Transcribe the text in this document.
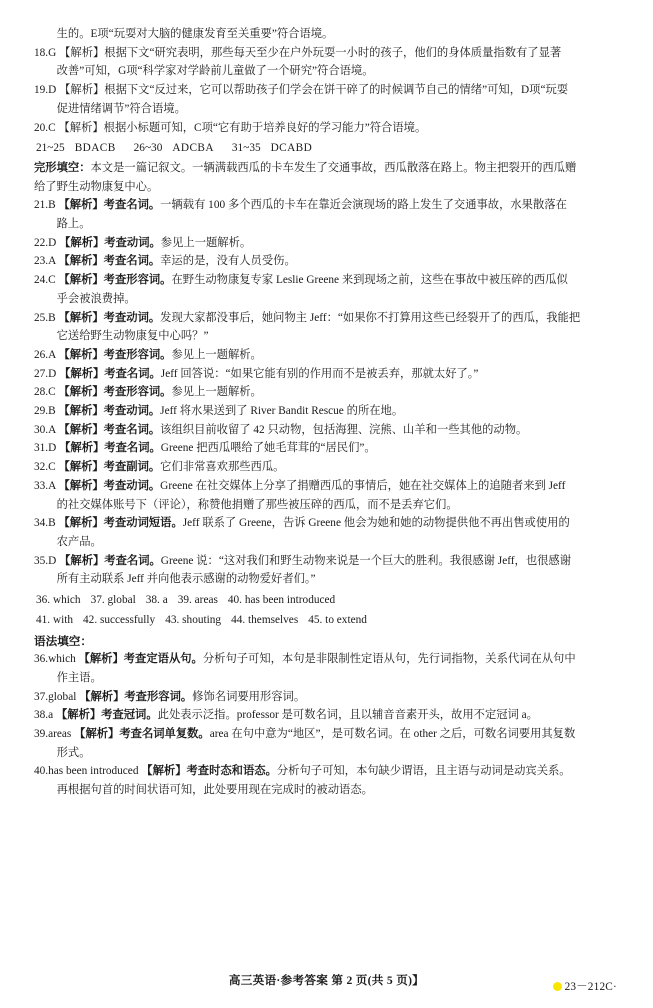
生的。E项“玩耍对大脑的健康发育至关重要”符合语境。

18.G 【解析】根据下文“研究表明，那些每天至少在户外玩耍一小时的孩子，他们的身体质量指数有了显著

改善”可知，G项“科学家对学龄前儿童做了一个研究”符合语境。

19.D 【解析】根据下文“反过来，它可以帮助孩子们学会在饼干碎了的时候调节自己的情绪”可知，D项“玩耍

促进情绪调节”符合语境。

20.C 【解析】根据小标题可知，C项“它有助于培养良好的学习能力”符合语境。

21~25 BDACB 26~30 ADCBA 31~35 DCABD

完形填空：本文是一篇记叙文。一辆满载西瓜的卡车发生了交通事故，西瓜散落在路上。物主把裂开的西瓜赠

给了野生动物康复中心。

21.B 【解析】考查名词。一辆载有 100 多个西瓜的卡车在靠近会演现场的路上发生了交通事故，水果散落在

路上。

22.D 【解析】考查动词。参见上一题解析。

23.A 【解析】考查名词。幸运的是，没有人员受伤。

24.C 【解析】考查形容词。在野生动物康复专家 Leslie Greene 来到现场之前，这些在事故中被压碎的西瓜似

乎会被浪费掉。

25.B 【解析】考查动词。发现大家都没事后，她问物主 Jeff：“如果你不打算用这些已经裂开了的西瓜，我能把

它送给野生动物康复中心吗？”

26.A 【解析】考查形容词。参见上一题解析。

27.D 【解析】考查名词。Jeff 回答说：“如果它能有别的作用而不是被丢弃，那就太好了。”

28.C 【解析】考查形容词。参见上一题解析。

29.B 【解析】考查动词。Jeff 将水果送到了 River Bandit Rescue 的所在地。

30.A 【解析】考查名词。该组织目前收留了 42 只动物，包括海狸、浣熊、山羊和一些其他的动物。

31.D 【解析】考查名词。Greene 把西瓜喂给了她毛茸茸的“居民们”。

32.C 【解析】考查副词。它们非常喜欢那些西瓜。

33.A 【解析】考查动词。Greene 在社交媒体上分享了捐赠西瓜的事情后，她在社交媒体上的追随者来到 Jeff

的社交媒体账号下（评论），称赞他捐赠了那些被压碎的西瓜，而不是丢弃它们。

34.B 【解析】考查动词短语。Jeff 联系了 Greene，告诉 Greene 他会为她和她的动物提供他不再出售或使用的

农产品。

35.D 【解析】考查名词。Greene 说：“这对我们和野生动物来说是一个巨大的胜利。我很感谢 Jeff，也很感谢

所有主动联系 Jeff 并向他表示感谢的动物爱好者们。”

36. which 37. global 38. a 39. areas 40. has been introduced
41. with 42. successfully 43. shouting 44. themselves 45. to extend

语法填空：

36.which 【解析】考查定语从句。分析句子可知，本句是非限制性定语从句，先行词指物，关系代词在从句中

作主语。

37.global 【解析】考查形容词。修饰名词要用形容词。

38.a 【解析】考查冠词。此处表示泛指。professor 是可数名词，且以辅音音素开头，故用不定冠词 a。

39.areas 【解析】考查名词单复数。area 在句中意为“地区”，是可数名词。在 other 之后，可数名词要用其复数

形式。

40.has been introduced 【解析】考查时态和语态。分析句子可知，本句缺少谓语，且主语与动词是动宾关系。

再根据句首的时间状语可知，此处要用现在完成时的被动语态。

高三英语·参考答案 第 2 页(共 5 页)】	23－212C·
